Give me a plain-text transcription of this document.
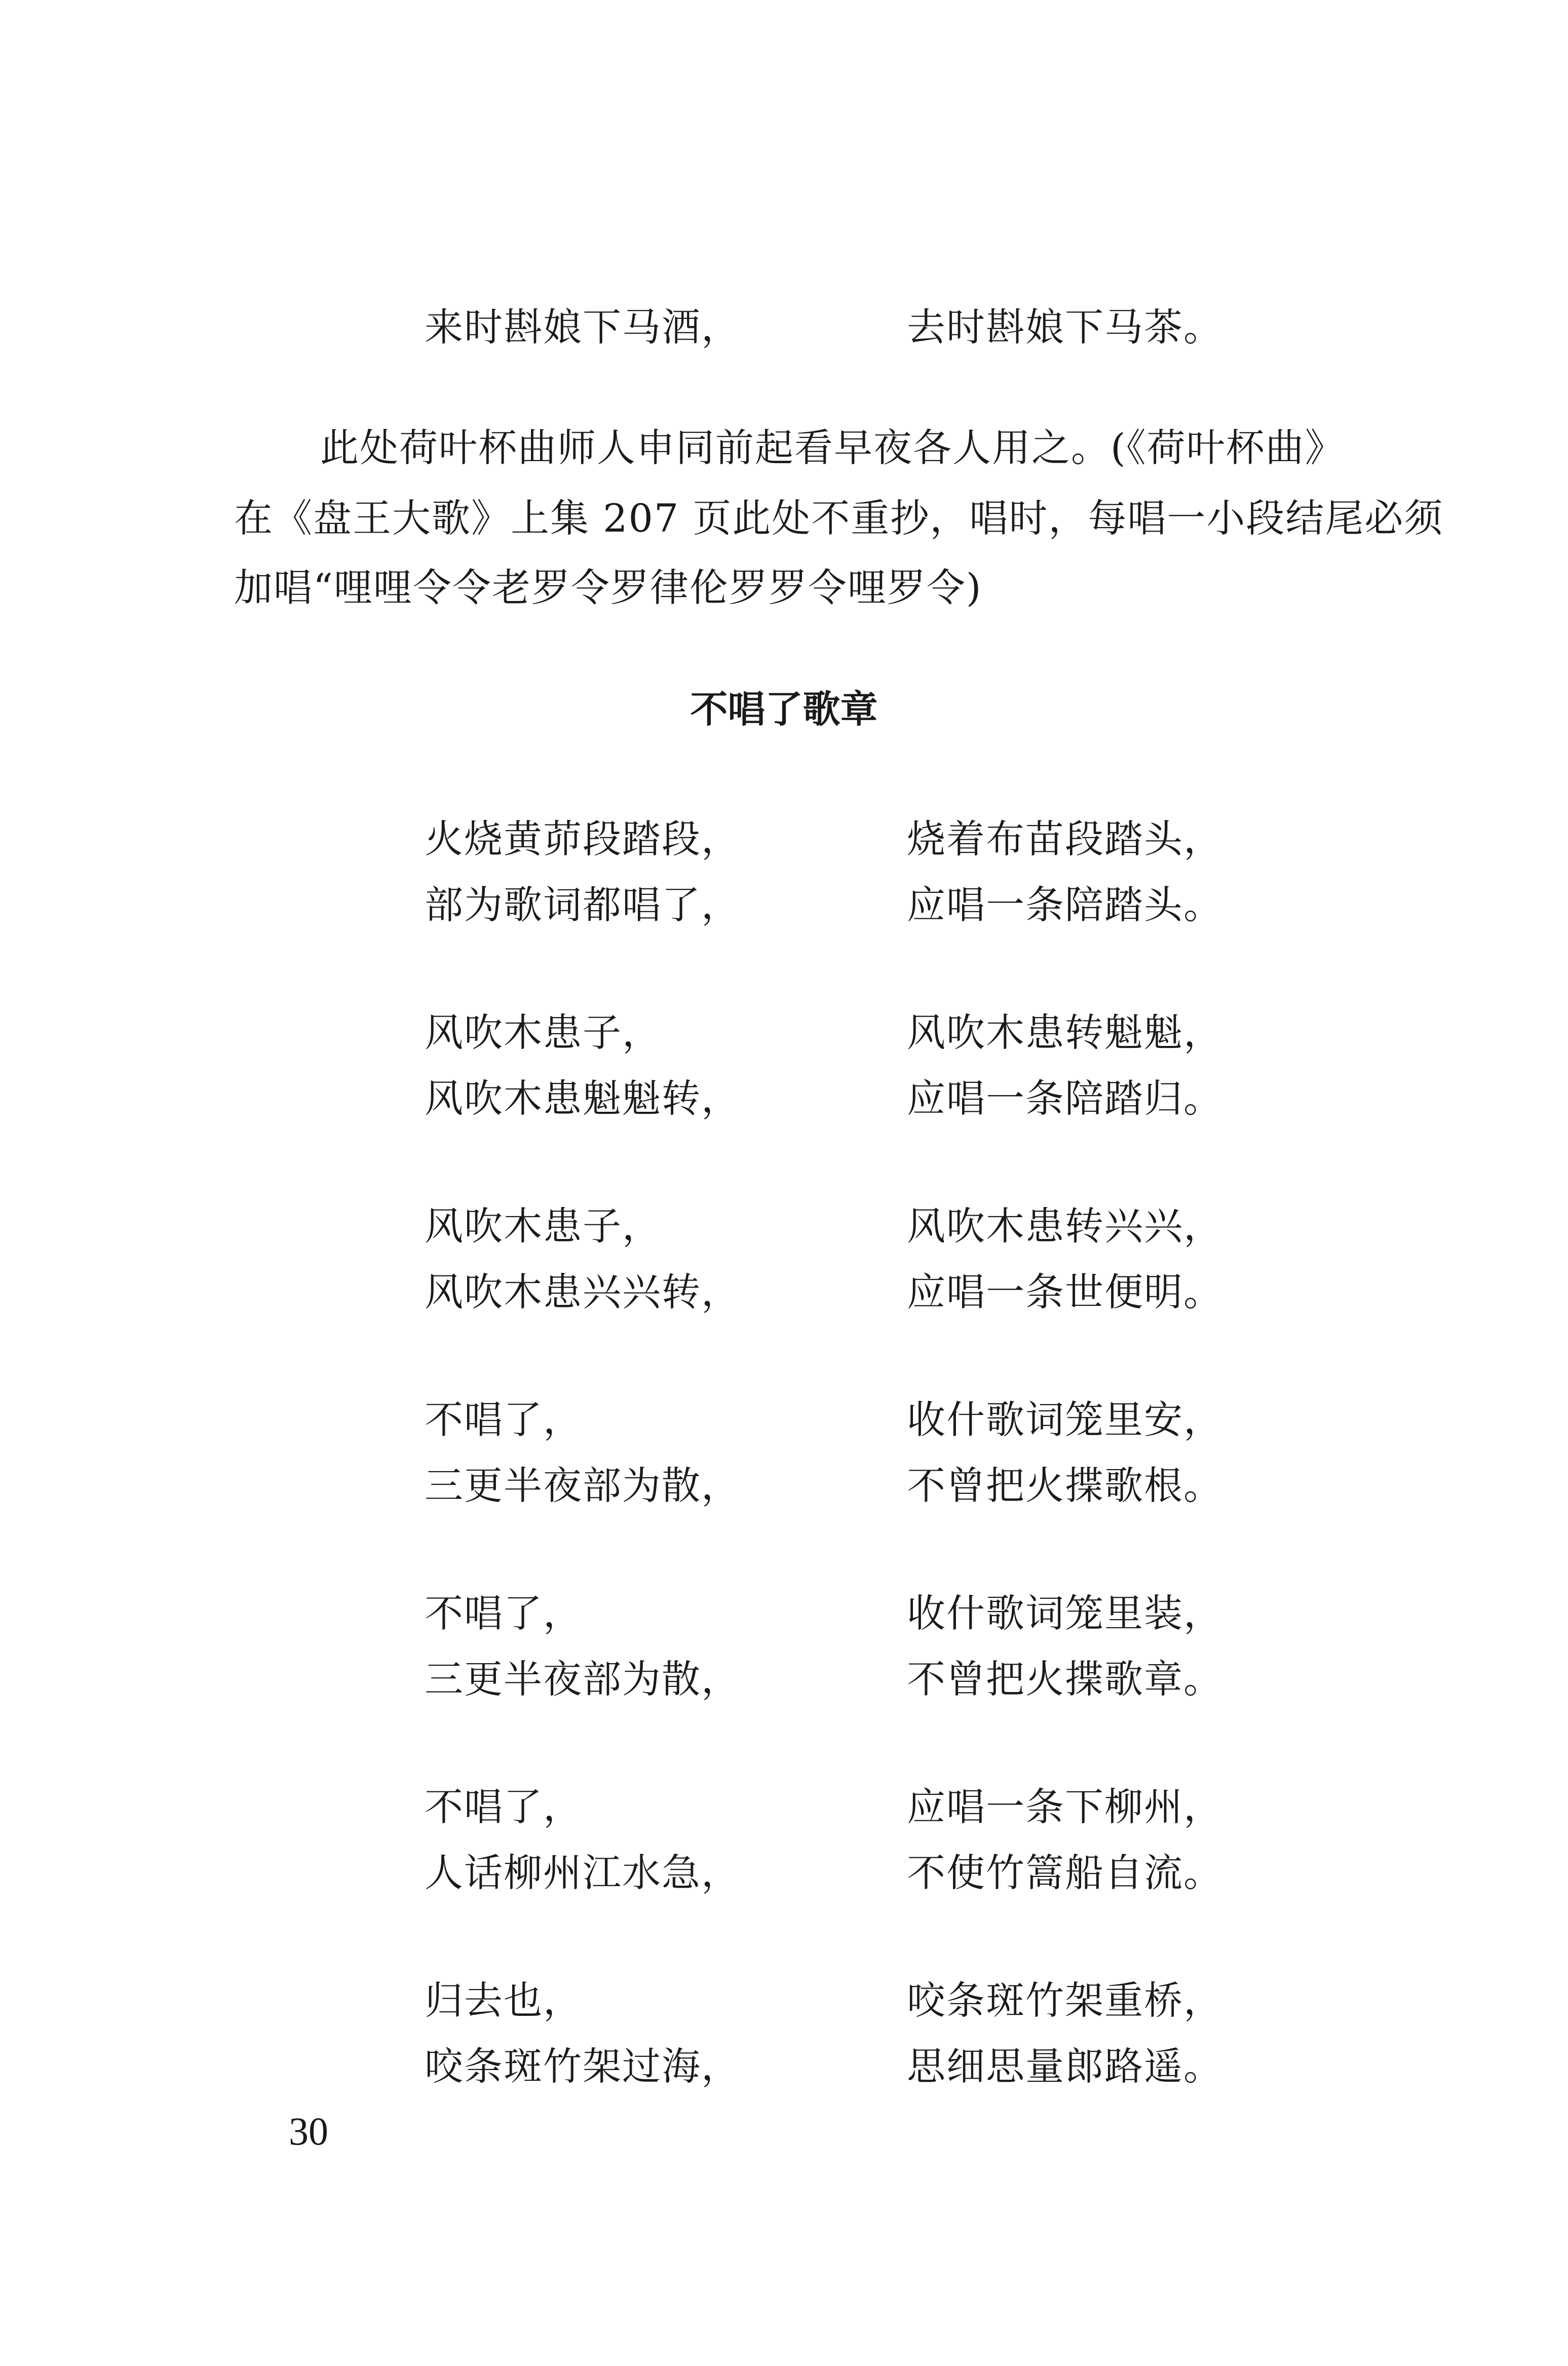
来时斟娘下马酒，	去时斟娘下马茶。
此处荷叶杯曲师人申同前起看早夜各人用之。(《荷叶杯曲》
在《盘王大歌》上集 207 页此处不重抄，唱时，每唱一小段结尾必须
加唱“哩哩令令老罗令罗律伦罗罗令哩罗令)
不唱了歌章
火烧黄茆段踏段，	烧着布苗段踏头，
部为歌词都唱了，	应唱一条陪踏头。
风吹木患子，	风吹木患转魁魁，
风吹木患魁魁转，	应唱一条陪踏归。
风吹木患子，	风吹木患转兴兴，
风吹木患兴兴转，	应唱一条世便明。
不唱了，	收什歌词笼里安，
三更半夜部为散，	不曾把火揲歌根。
不唱了，	收什歌词笼里装，
三更半夜部为散，	不曾把火揲歌章。
不唱了，	应唱一条下柳州，
人话柳州江水急，	不使竹篙船自流。
归去也，	咬条斑竹架重桥，
咬条斑竹架过海，	思细思量郎路遥。
30
